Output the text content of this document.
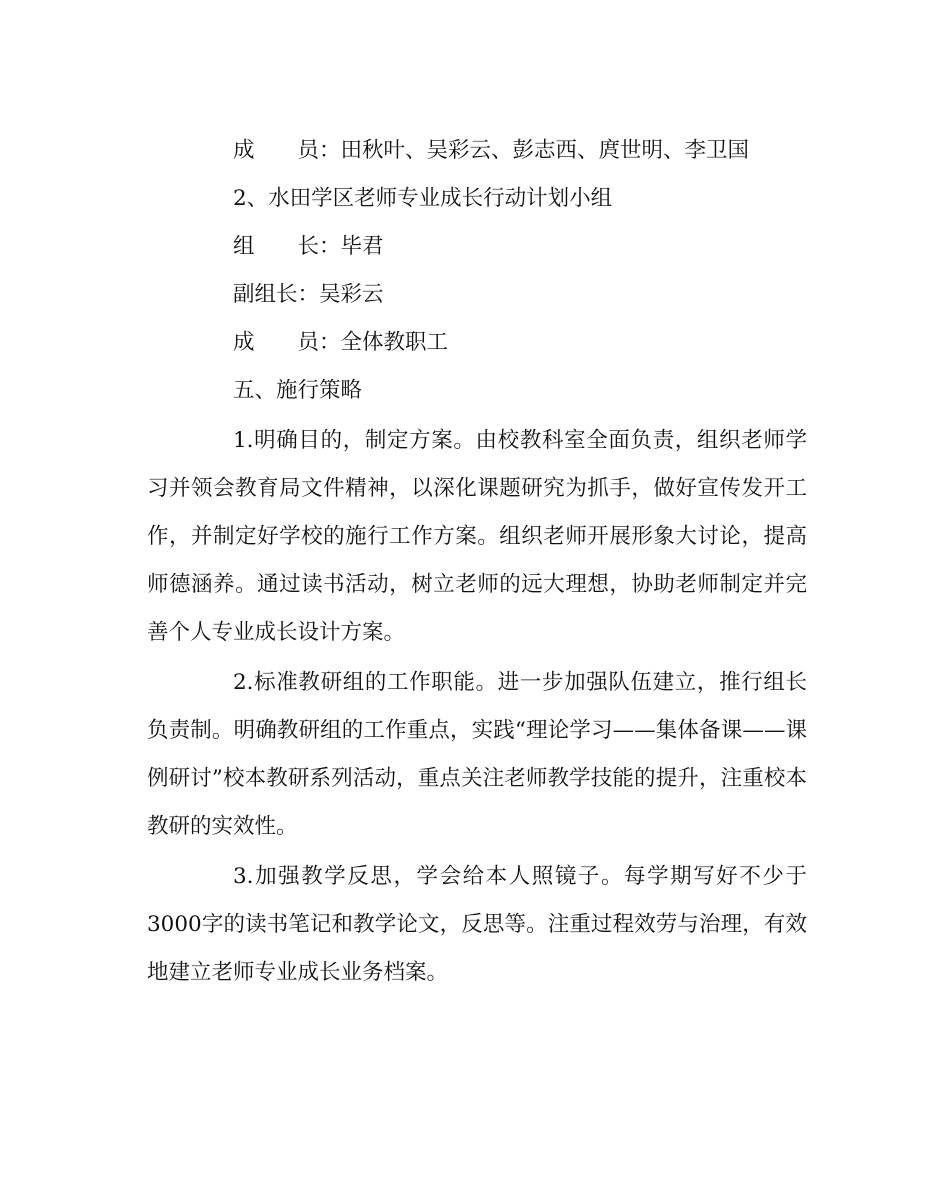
成　　员：田秋叶、吴彩云、彭志西、庹世明、李卫国
2、水田学区老师专业成长行动计划小组
组　　长：毕君
副组长：吴彩云
成　　员：全体教职工
五、施行策略

1.明确目的，制定方案。由校教科室全面负责，组织老师学习并领会教育局文件精神，以深化课题研究为抓手，做好宣传发开工作，并制定好学校的施行工作方案。组织老师开展形象大讨论，提高师德涵养。通过读书活动，树立老师的远大理想，协助老师制定并完善个人专业成长设计方案。

2.标准教研组的工作职能。进一步加强队伍建立，推行组长负责制。明确教研组的工作重点，实践“理论学习——集体备课——课例研讨”校本教研系列活动，重点关注老师教学技能的提升，注重校本教研的实效性。

3.加强教学反思，学会给本人照镜子。每学期写好不少于3000字的读书笔记和教学论文，反思等。注重过程效劳与治理，有效地建立老师专业成长业务档案。
